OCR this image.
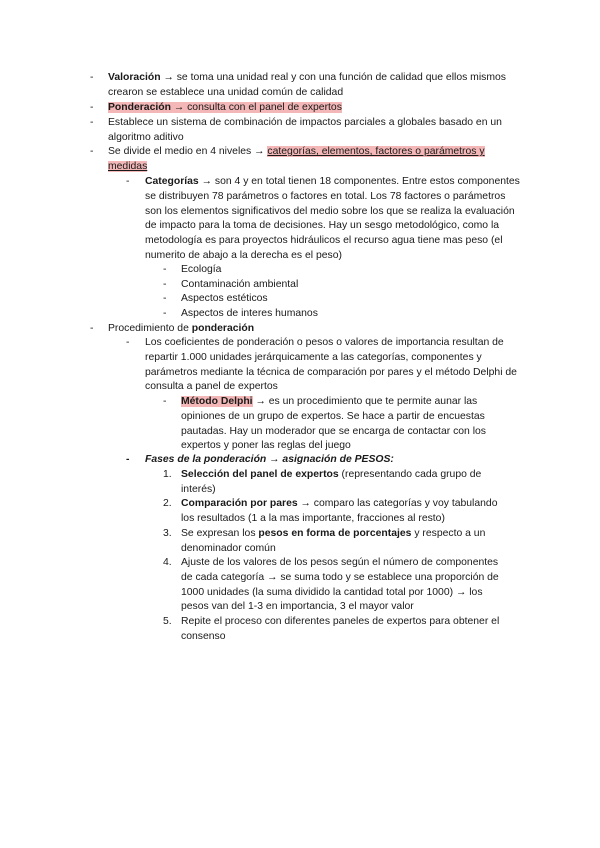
- Valoración → se toma una unidad real y con una función de calidad que ellos mismos crearon se establece una unidad común de calidad
- Ponderación → consulta con el panel de expertos
- Establece un sistema de combinación de impactos parciales a globales basado en un algoritmo aditivo
- Se divide el medio en 4 niveles → categorías, elementos, factores o parámetros y medidas
- Categorías → son 4 y en total tienen 18 componentes. Entre estos componentes se distribuyen 78 parámetros o factores en total. Los 78 factores o parámetros son los elementos significativos del medio sobre los que se realiza la evaluación de impacto para la toma de decisiones. Hay un sesgo metodológico, como la metodología es para proyectos hidráulicos el recurso agua tiene mas peso (el numerito de abajo a la derecha es el peso)
- Ecología
- Contaminación ambiental
- Aspectos estéticos
- Aspectos de interes humanos
- Procedimiento de ponderación
- Los coeficientes de ponderación o pesos o valores de importancia resultan de repartir 1.000 unidades jerárquicamente a las categorías, componentes y parámetros mediante la técnica de comparación por pares y el método Delphi de consulta a panel de expertos
- Método Delphi → es un procedimiento que te permite aunar las opiniones de un grupo de expertos. Se hace a partir de encuestas pautadas. Hay un moderador que se encarga de contactar con los expertos y poner las reglas del juego
- Fases de la ponderación → asignación de PESOS:
1. Selección del panel de expertos (representando cada grupo de interés)
2. Comparación por pares → comparo las categorías y voy tabulando los resultados (1 a la mas importante, fracciones al resto)
3. Se expresan los pesos en forma de porcentajes y respecto a un denominador común
4. Ajuste de los valores de los pesos según el número de componentes de cada categoría → se suma todo y se establece una proporción de 1000 unidades (la suma dividido la cantidad total por 1000) → los pesos van del 1-3 en importancia, 3 el mayor valor
5. Repite el proceso con diferentes paneles de expertos para obtener el consenso
